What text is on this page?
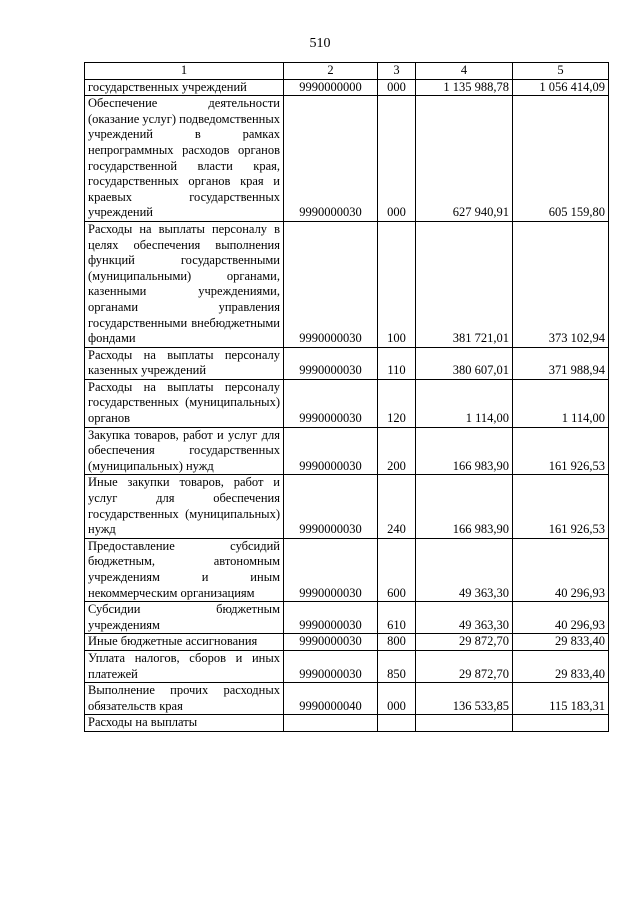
510
1	2	3	4	5
государственных учреждений	9990000000	000	1 135 988,78	1 056 414,09
Обеспечение деятельности (оказание услуг) подведомственных учреждений в рамках непрограммных расходов органов государственной власти края, государственных органов края и краевых государственных учреждений	9990000030	000	627 940,91	605 159,80
Расходы на выплаты персоналу в целях обеспечения выполнения функций государственными (муниципальными) органами, казенными учреждениями, органами управления государственными внебюджетными фондами	9990000030	100	381 721,01	373 102,94
Расходы на выплаты персоналу казенных учреждений	9990000030	110	380 607,01	371 988,94
Расходы на выплаты персоналу государственных (муниципальных) органов	9990000030	120	1 114,00	1 114,00
Закупка товаров, работ и услуг для обеспечения государственных (муниципальных) нужд	9990000030	200	166 983,90	161 926,53
Иные закупки товаров, работ и услуг для обеспечения государственных (муниципальных) нужд	9990000030	240	166 983,90	161 926,53
Предоставление субсидий бюджетным, автономным учреждениям и иным некоммерческим организациям	9990000030	600	49 363,30	40 296,93
Субсидии бюджетным учреждениям	9990000030	610	49 363,30	40 296,93
Иные бюджетные ассигнования	9990000030	800	29 872,70	29 833,40
Уплата налогов, сборов и иных платежей	9990000030	850	29 872,70	29 833,40
Выполнение прочих расходных обязательств края	9990000040	000	136 533,85	115 183,31
Расходы на выплаты				
